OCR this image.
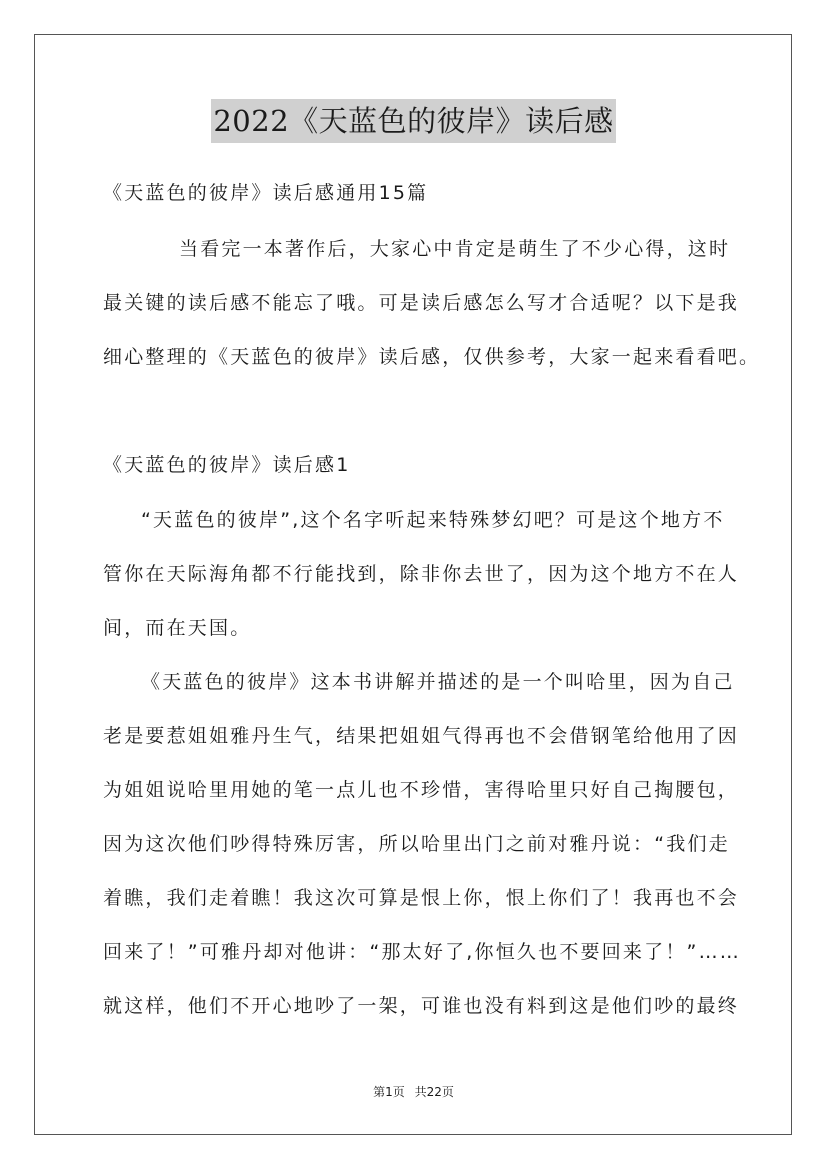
2022《天蓝色的彼岸》读后感
《天蓝色的彼岸》读后感通用15篇
当看完一本著作后，大家心中肯定是萌生了不少心得，这时
最关键的读后感不能忘了哦。可是读后感怎么写才合适呢？以下是我
细心整理的《天蓝色的彼岸》读后感，仅供参考，大家一起来看看吧。
《天蓝色的彼岸》读后感1
“天蓝色的彼岸”,这个名字听起来特殊梦幻吧？可是这个地方不
管你在天际海角都不行能找到，除非你去世了，因为这个地方不在人
间，而在天国。
《天蓝色的彼岸》这本书讲解并描述的是一个叫哈里，因为自己
老是要惹姐姐雅丹生气，结果把姐姐气得再也不会借钢笔给他用了因
为姐姐说哈里用她的笔一点儿也不珍惜，害得哈里只好自己掏腰包，
因为这次他们吵得特殊厉害，所以哈里出门之前对雅丹说：“我们走
着瞧，我们走着瞧！我这次可算是恨上你，恨上你们了！我再也不会
回来了！”可雅丹却对他讲：“那太好了,你恒久也不要回来了！”……
就这样，他们不开心地吵了一架，可谁也没有料到这是他们吵的最终
第1页 共22页
